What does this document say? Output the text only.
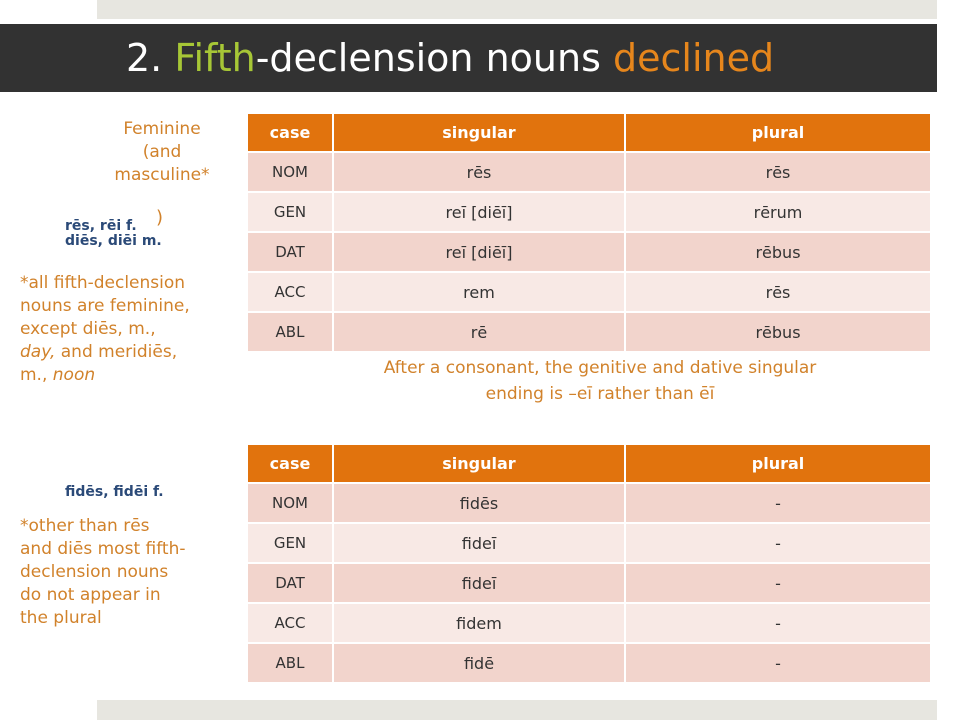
2. Fifth-declension nouns declined
Feminine
(and
masculine*
)
rēs, rēi f.
diēs, diēi m.
*all fifth-declension
nouns are feminine,
except diēs, m.,
day, and meridiēs,
m., noon
fidēs, fidēi f.
*other than rēs
and diēs most fifth-
declension nouns
do not appear in
the plural
case	singular	plural
NOM	rēs	rēs
GEN	reī [diēī]	rērum
DAT	reī [diēī]	rēbus
ACC	rem	rēs
ABL	rē	rēbus
After a consonant, the genitive and dative singular
ending is –eī rather than ēī
case	singular	plural
NOM	fidēs	-
GEN	fideī	-
DAT	fideī	-
ACC	fidem	-
ABL	fidē	-
